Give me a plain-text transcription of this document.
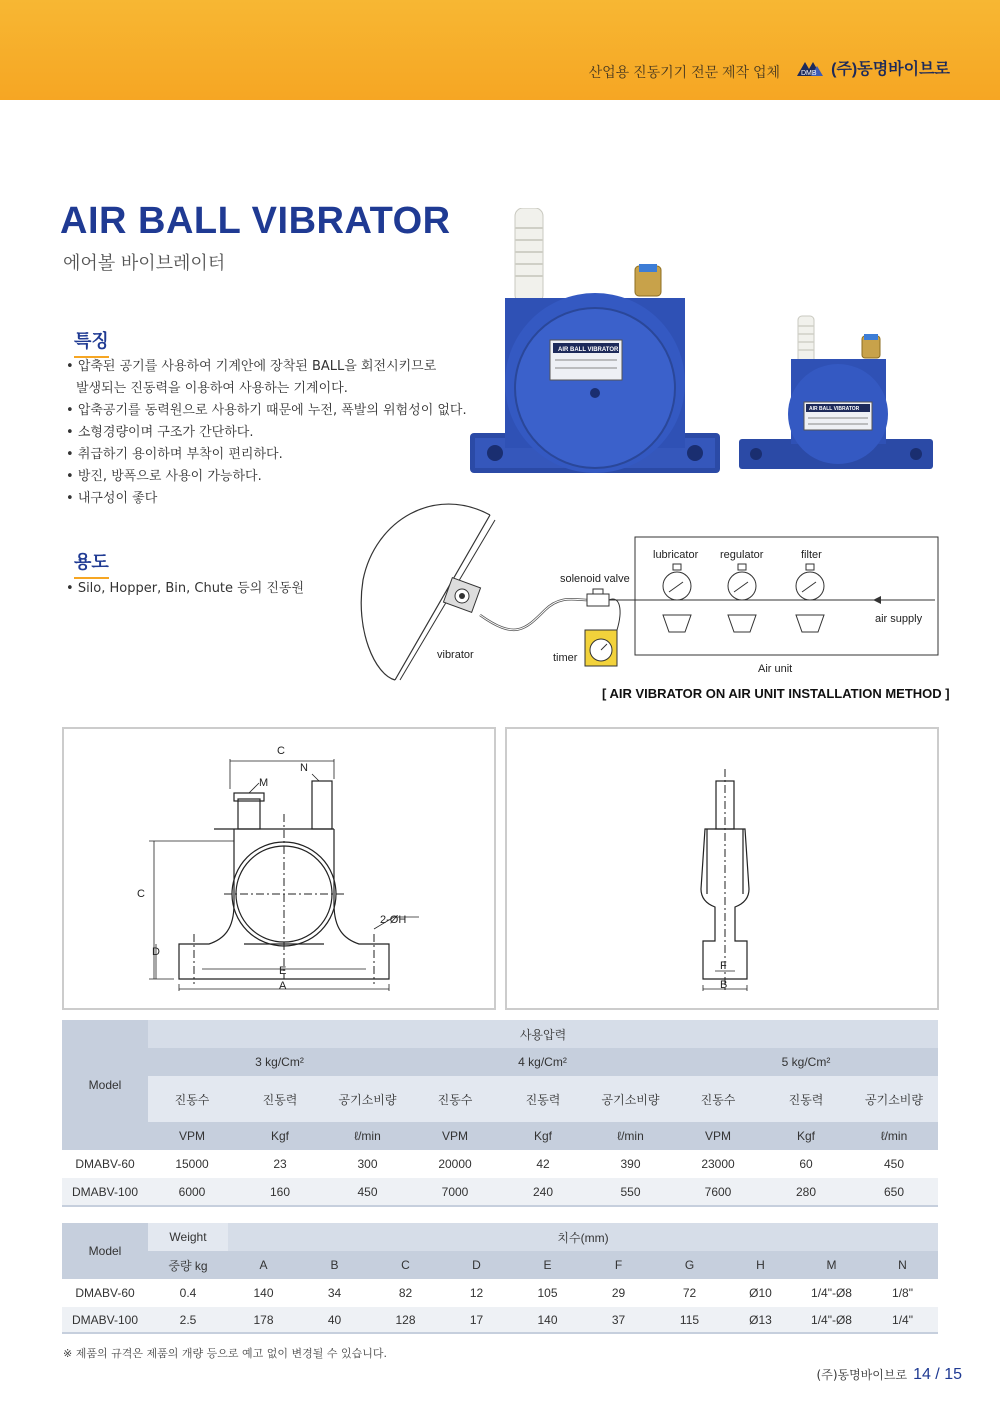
산업용 진동기기 전문 제작 업체	DMB (주)동명바이브로
AIR BALL VIBRATOR
에어볼 바이브레이터
특징
• 압축된 공기를 사용하여 기계안에 장착된 BALL을 회전시키므로
발생되는 진동력을 이용하여 사용하는 기계이다.
• 압축공기를 동력원으로 사용하기 때문에 누전, 폭발의 위험성이 없다.
• 소형경량이며 구조가 간단하다.
• 취급하기 용이하며 부착이 편리하다.
• 방진, 방폭으로 사용이 가능하다.
• 내구성이 좋다
용도
• Silo, Hopper, Bin, Chute 등의 진동원
AIR BALL VIBRATOR
AIR BALL VIBRATOR
lubricator regulator	filter
solenoid valve
air supply
vibrator	timer
Air unit
[ AIR VIBRATOR ON AIR UNIT INSTALLATION METHOD ]
C
M
N
C
D
2-ØH
E
A
F
B
Model	사용압력								
	3 kg/Cm²			4 kg/Cm²			5 kg/Cm²		
	진동수	진동력	공기소비량	진동수	진동력	공기소비량	진동수	진동력	공기소비량
	VPM	Kgf	ℓ/min	VPM	Kgf	ℓ/min	VPM	Kgf	ℓ/min
DMABV-60	15000	23	300	20000	42	390	23000	60	450
DMABV-100	6000	160	450	7000	240	550	7600	280	650
Model	Weight	치수(mm)									
	중량 kg	A	B	C	D	E	F	G	H	M	N
DMABV-60	0.4	140	34	82	12	105	29	72	Ø10	1/4"-Ø8	1/8"
DMABV-100	2.5	178	40	128	17	140	37	115	Ø13	1/4"-Ø8	1/4"
※ 제품의 규격은 제품의 개량 등으로 예고 없이 변경될 수 있습니다.
(주)동명바이브로 14 / 15
